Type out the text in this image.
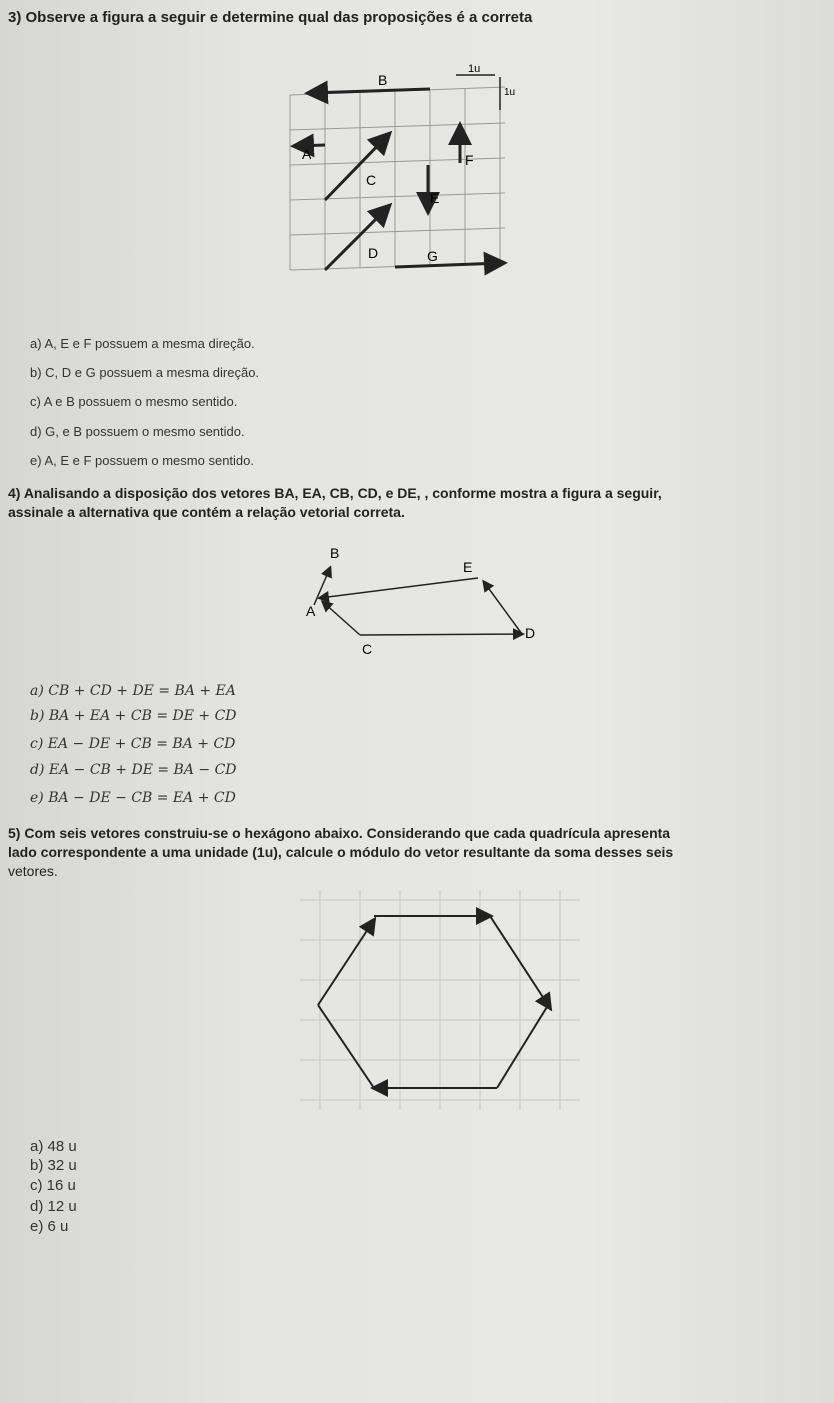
3) Observe a figura a seguir e determine qual das proposições é a correta
1u
1u
B
A
C
F
E
D	G
a) A, E e F possuem a mesma direção.
b) C, D e G possuem a mesma direção.
c) A e B possuem o mesmo sentido.
d) G, e B possuem o mesmo sentido.
e) A, E e F possuem o mesmo sentido.
4) Analisando a disposição dos vetores BA, EA, CB, CD, e DE, , conforme mostra a figura a seguir,
assinale a alternativa que contém a relação vetorial correta.
B
A
E
C
D
a) CB + CD + DE = BA + EA
b) BA + EA + CB = DE + CD
c) EA − DE + CB = BA + CD
d) EA − CB + DE = BA − CD
e) BA − DE − CB = EA + CD
5) Com seis vetores construiu-se o hexágono abaixo. Considerando que cada quadrícula apresenta
lado correspondente a uma unidade (1u), calcule o módulo do vetor resultante da soma desses seis
vetores.
a) 48 u
b) 32 u
c) 16 u
d) 12 u
e) 6 u
